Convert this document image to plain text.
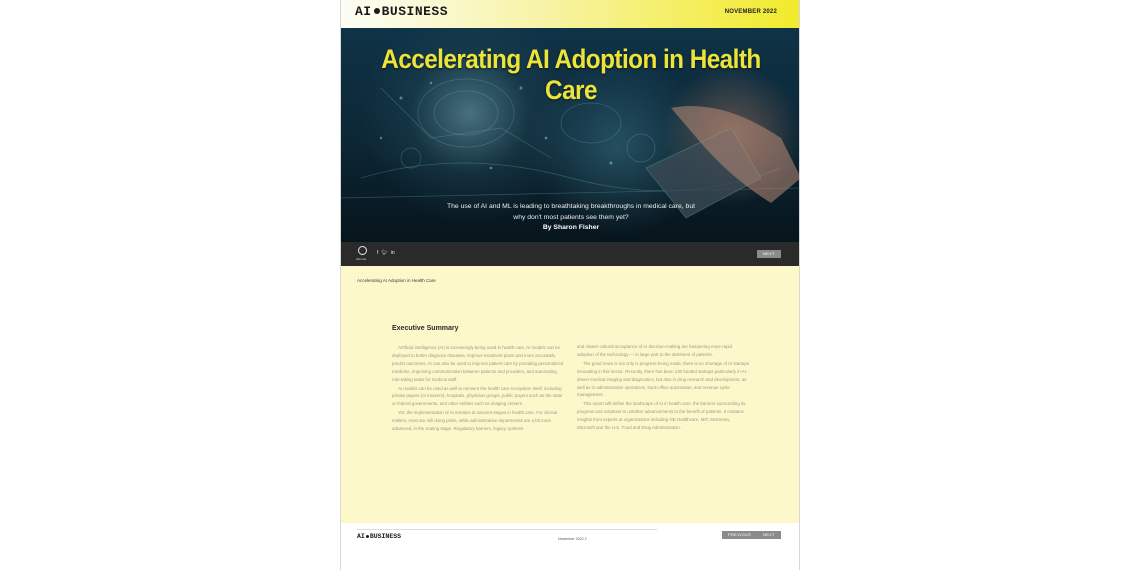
AI BUSINESS	NOVEMBER 2022
Accelerating AI Adoption in Health Care
The use of AI and ML is leading to breathtaking breakthroughs in medical care, but why don't most patients see them yet?
By Sharon Fisher
informa
f 🐦︎ in	NEXT
Accelerating AI Adoption in Health Care
Executive Summary

Artificial intelligence (AI) is increasingly being used in health care. AI models can be deployed to better diagnose diseases, improve treatment plans and more accurately predict outcomes. AI can also be used to improve patient care by providing personalized medicine, improving communication between patients and providers, and automating rote-taking tasks for medical staff.

AI models can be used as well to reinvent the health care ecosystem itself, including private payers (or insurers), hospitals, physician groups, public payers such as the state or federal governments, and other entities such as imaging centers.

Yet, the implementation of AI remains at nascent stages in health care. For clinical entities, most are still doing pilots, while administrative departments are a bit more advanced, in the scaling stage. Regulatory barriers, legacy systems

and slower cultural acceptance of AI decision-making are hampering more rapid adoption of the technology — in large part to the detriment of patients.

The good news is not only is progress being made, there is no shortage of AI startups innovating in this sector. Recently, there has been 130 funded startups particularly in AI-driven medical imaging and diagnostics, but also in drug research and development, as well as in administrative operations, back-office automation, and revenue cycle management.

This report will define the landscape of AI in health care, the barriers surrounding its progress and solutions to untether advancements to the benefit of patients. It contains insights from experts at organizations including GE Healthcare, MIT, McKinsey, Microsoft and the U.S. Food and Drug Administration.

AI BUSINESS	November 2022 2
PREVIOUS	NEXT
